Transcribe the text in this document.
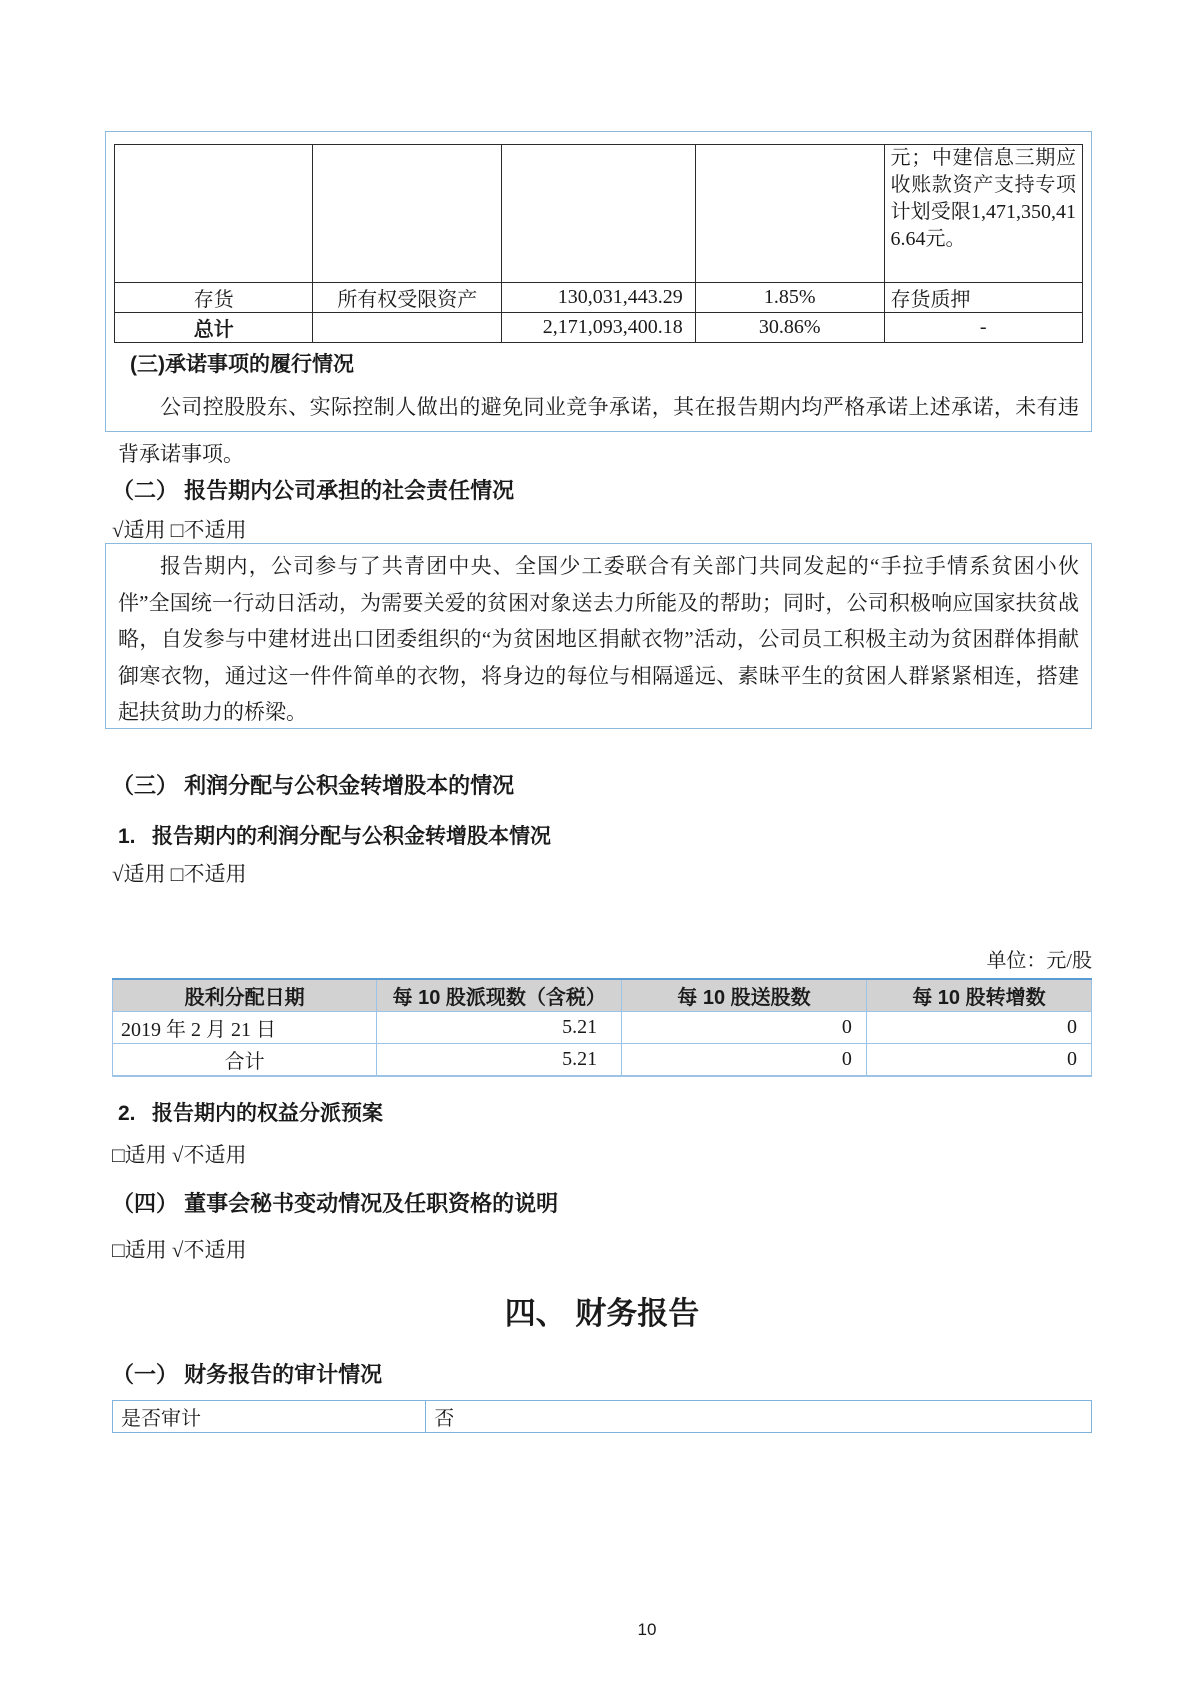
				元；中建信息三期应收账款资产支持专项计划受限1,471,350,416.64元。
存货	所有权受限资产	130,031,443.29	1.85%	存货质押
总计		2,171,093,400.18	30.86%	-
(三)承诺事项的履行情况
公司控股股东、实际控制人做出的避免同业竞争承诺，其在报告期内均严格承诺上述承诺，未有违背承诺事项。
（二） 报告期内公司承担的社会责任情况
√适用 □不适用
报告期内，公司参与了共青团中央、全国少工委联合有关部门共同发起的“手拉手情系贫困小伙伴”全国统一行动日活动，为需要关爱的贫困对象送去力所能及的帮助；同时，公司积极响应国家扶贫战略，自发参与中建材进出口团委组织的“为贫困地区捐献衣物”活动，公司员工积极主动为贫困群体捐献御寒衣物，通过这一件件简单的衣物，将身边的每位与相隔遥远、素昧平生的贫困人群紧紧相连，搭建起扶贫助力的桥梁。
（三） 利润分配与公积金转增股本的情况
1. 报告期内的利润分配与公积金转增股本情况
√适用 □不适用
单位：元/股
股利分配日期	每 10 股派现数（含税）	每 10 股送股数	每 10 股转增数
2019 年 2 月 21 日	5.21	0	0
合计	5.21	0	0
2. 报告期内的权益分派预案
□适用 √不适用
（四） 董事会秘书变动情况及任职资格的说明
□适用 √不适用
四、 财务报告
（一） 财务报告的审计情况
是否审计	否
10
